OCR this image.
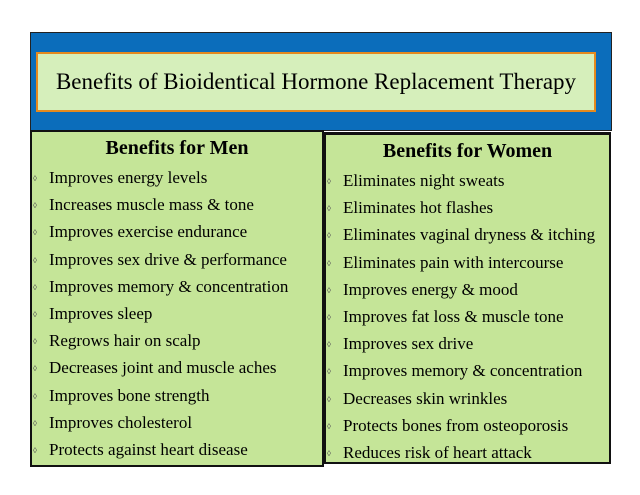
Benefits of Bioidentical Hormone Replacement Therapy
Benefits for Men
◊ Improves energy levels
◊ Increases muscle mass & tone
◊ Improves exercise endurance
◊ Improves sex drive & performance
◊ Improves memory & concentration
◊ Improves sleep
◊ Regrows hair on scalp
◊ Decreases joint and muscle aches
◊ Improves bone strength
◊ Improves cholesterol
◊ Protects against heart disease
Benefits for Women
◊ Eliminates night sweats
◊ Eliminates hot flashes
◊ Eliminates vaginal dryness & itching
◊ Eliminates pain with intercourse
◊ Improves energy & mood
◊ Improves fat loss & muscle tone
◊ Improves sex drive
◊ Improves memory & concentration
◊ Decreases skin wrinkles
◊ Protects bones from osteoporosis
◊ Reduces risk of heart attack
